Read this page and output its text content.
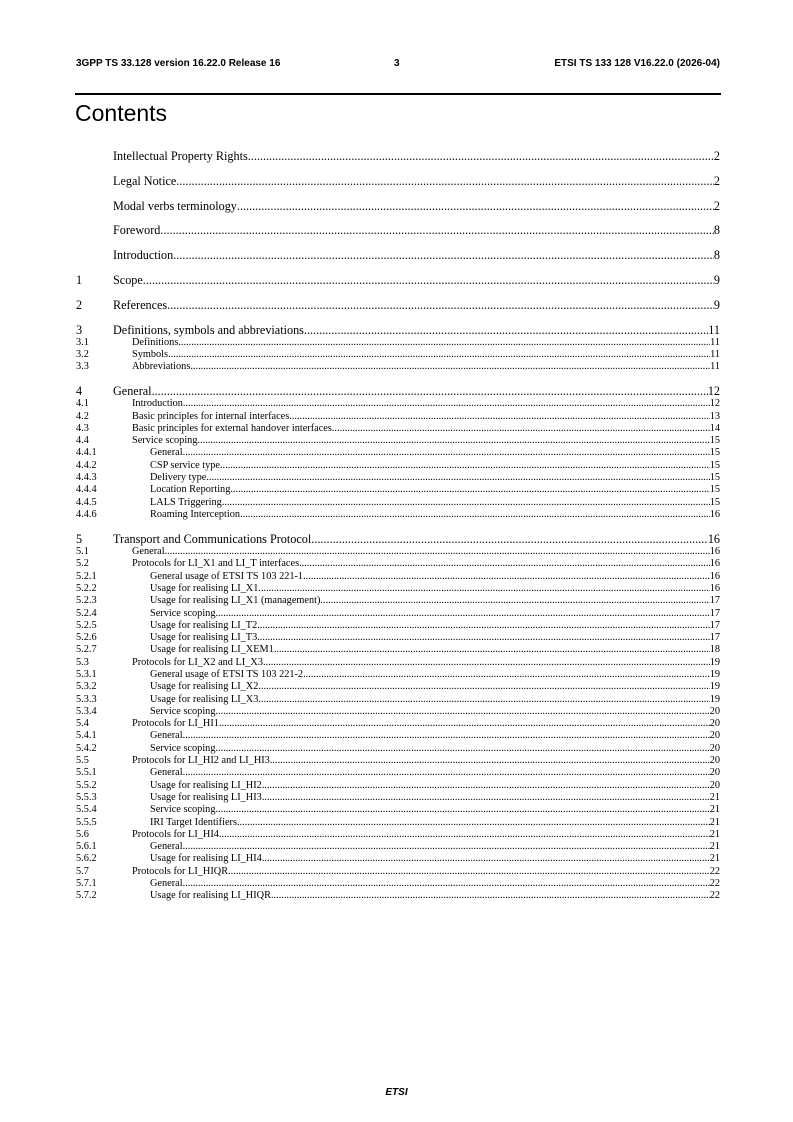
3GPP TS 33.128 version 16.22.0 Release 16	3	ETSI TS 133 128 V16.22.0 (2026-04)
Contents
Intellectual Property Rights .....	2
Legal Notice .....	2
Modal verbs terminology .....	2
Foreword .....	8
Introduction .....	8
1	Scope .....	9
2	References .....	9
3	Definitions, symbols and abbreviations .....	11
3.1	Definitions .....	11
3.2	Symbols .....	11
3.3	Abbreviations .....	11
4	General .....	12
4.1	Introduction .....	12
4.2	Basic principles for internal interfaces .....	13
4.3	Basic principles for external handover interfaces .....	14
4.4	Service scoping .....	15
4.4.1	General .....	15
4.4.2	CSP service type .....	15
4.4.3	Delivery type .....	15
4.4.4	Location Reporting .....	15
4.4.5	LALS Triggering .....	15
4.4.6	Roaming Interception .....	16
5	Transport and Communications Protocol .....	16
5.1	General .....	16
5.2	Protocols for LI_X1 and LI_T interfaces .....	16
5.2.1	General usage of ETSI TS 103 221-1 .....	16
5.2.2	Usage for realising LI_X1 .....	16
5.2.3	Usage for realising LI_X1 (management) .....	17
5.2.4	Service scoping .....	17
5.2.5	Usage for realising LI_T2 .....	17
5.2.6	Usage for realising LI_T3 .....	17
5.2.7	Usage for realising LI_XEM1 .....	18
5.3	Protocols for LI_X2 and LI_X3 .....	19
5.3.1	General usage of ETSI TS 103 221-2 .....	19
5.3.2	Usage for realising LI_X2 .....	19
5.3.3	Usage for realising LI_X3 .....	19
5.3.4	Service scoping .....	20
5.4	Protocols for LI_HI1 .....	20
5.4.1	General .....	20
5.4.2	Service scoping .....	20
5.5	Protocols for LI_HI2 and LI_HI3 .....	20
5.5.1	General .....	20
5.5.2	Usage for realising LI_HI2 .....	20
5.5.3	Usage for realising LI_HI3 .....	21
5.5.4	Service scoping .....	21
5.5.5	IRI Target Identifiers .....	21
5.6	Protocols for LI_HI4 .....	21
5.6.1	General .....	21
5.6.2	Usage for realising LI_HI4 .....	21
5.7	Protocols for LI_HIQR .....	22
5.7.1	General .....	22
5.7.2	Usage for realising LI_HIQR .....	22
ETSI
